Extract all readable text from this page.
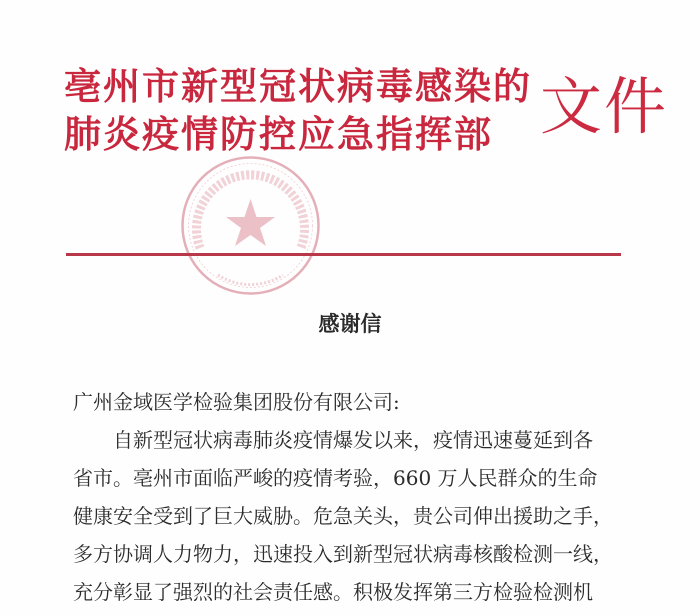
亳州市新型冠状病毒感染的
肺炎疫情防控应急指挥部 文件
感谢信
广州金域医学检验集团股份有限公司:
自新型冠状病毒肺炎疫情爆发以来，疫情迅速蔓延到各
省市。亳州市面临严峻的疫情考验，660 万人民群众的生命
健康安全受到了巨大威胁。危急关头，贵公司伸出援助之手，
多方协调人力物力，迅速投入到新型冠状病毒核酸检测一线，
充分彰显了强烈的社会责任感。积极发挥第三方检验检测机
